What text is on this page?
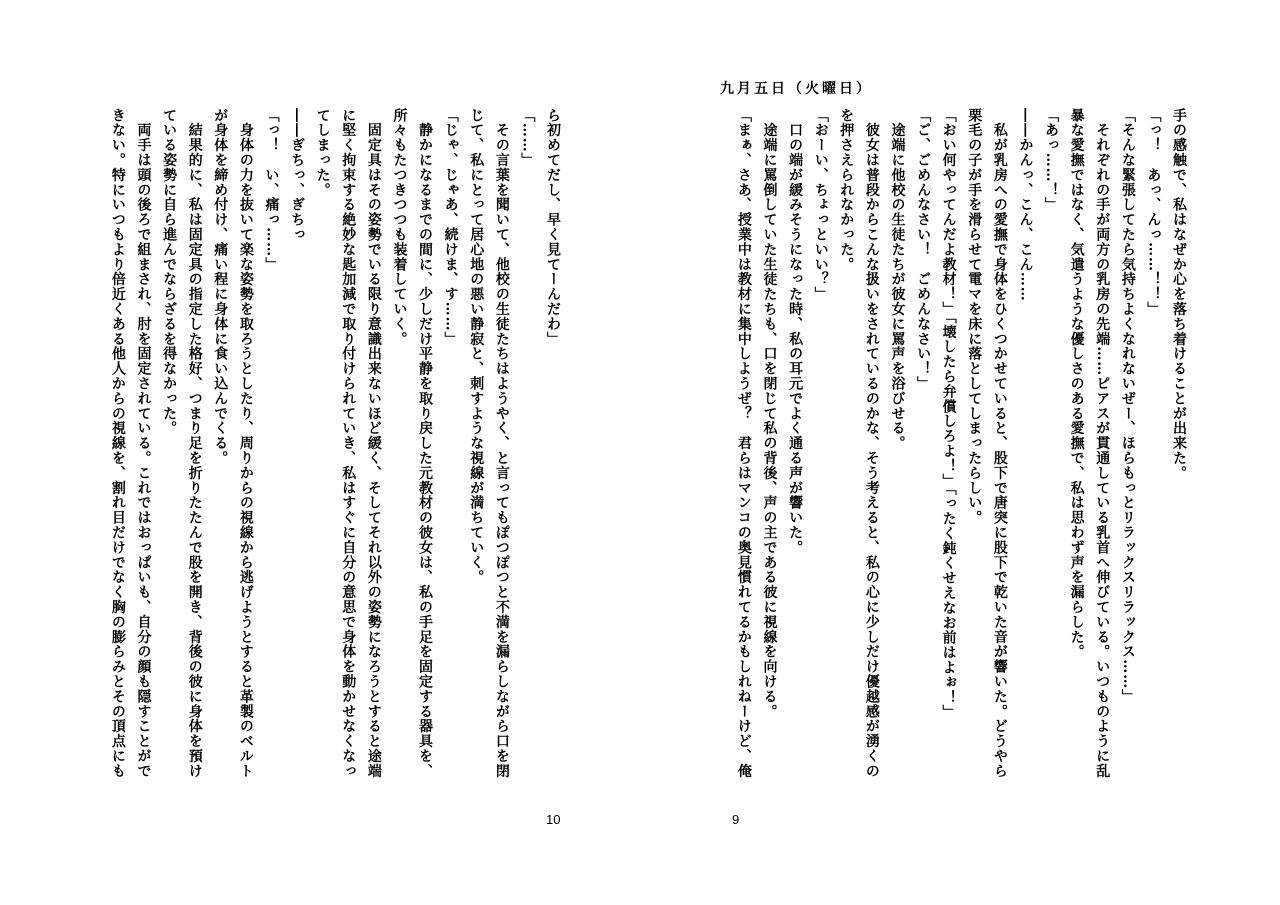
ら初めてだし、早く見てーんだわ」
「……」
　その言葉を聞いて、他校の生徒たちはようやく、と言ってもぽつぽつと不満を漏らしながら口を閉
じて、私にとって居心地の悪い静寂と、刺すような視線が満ちていく。
「じゃ、じゃあ、続けま、す……」
　静かになるまでの間に、少しだけ平静を取り戻した元教材の彼女は、私の手足を固定する器具を、
所々もたつきつつも装着していく。
　固定具はその姿勢でいる限り意識出来ないほど緩く、そしてそれ以外の姿勢になろうとすると途端
に堅く拘束する絶妙な匙加減で取り付けられていき、私はすぐに自分の意思で身体を動かせなくなっ
てしまった。
――ぎちっ、ぎちっ
「っ！　い、痛っ……」
　身体の力を抜いて楽な姿勢を取ろうとしたり、周りからの視線から逃げようとすると革製のベルト
が身体を締め付け、痛い程に身体に食い込んでくる。
　結果的に、私は固定具の指定した格好、つまり足を折りたたんで股を開き、背後の彼に身体を預け
ている姿勢に自ら進んでならざるを得なかった。
　両手は頭の後ろで組まされ、肘を固定されている。これではおっぱいも、自分の顔も隠すことがで
きない。特にいつもより倍近くある他人からの視線を、割れ目だけでなく胸の膨らみとその頂点にも
10
九月五日（火曜日）
手の感触で、私はなぜか心を落ち着けることが出来た。
「っ！　あっ、んっ……！！」
「そんな緊張してたら気持ちよくなれないぜー、ほらもっとリラックスリラックス……」
　それぞれの手が両方の乳房の先端……ピアスが貫通している乳首へ伸びている。いつものように乱
暴な愛撫ではなく、気遣うような優しさのある愛撫で、私は思わず声を漏らした。
「あっ……！」
――かんっ、こん、こん……
　私が乳房への愛撫で身体をひくつかせていると、股下で唐突に股下で乾いた音が響いた。どうやら
栗毛の子が手を滑らせて電マを床に落としてしまったらしい。
「おい何やってんだよ教材！」「壊したら弁償しろよ！」「ったく鈍くせえなお前はよぉ！」
「ご、ごめんなさい！　ごめんなさい！」
　途端に他校の生徒たちが彼女に罵声を浴びせる。
　彼女は普段からこんな扱いをされているのかな、そう考えると、私の心に少しだけ優越感が湧くの
を押さえられなかった。
「おーい、ちょっといい？」
　口の端が緩みそうになった時、私の耳元でよく通る声が響いた。
　途端に罵倒していた生徒たちも、口を閉じて私の背後、声の主である彼に視線を向ける。
「まぁ、さあ、授業中は教材に集中しようぜ？　君らはマンコの奥見慣れてるかもしれねーけど、俺
9
